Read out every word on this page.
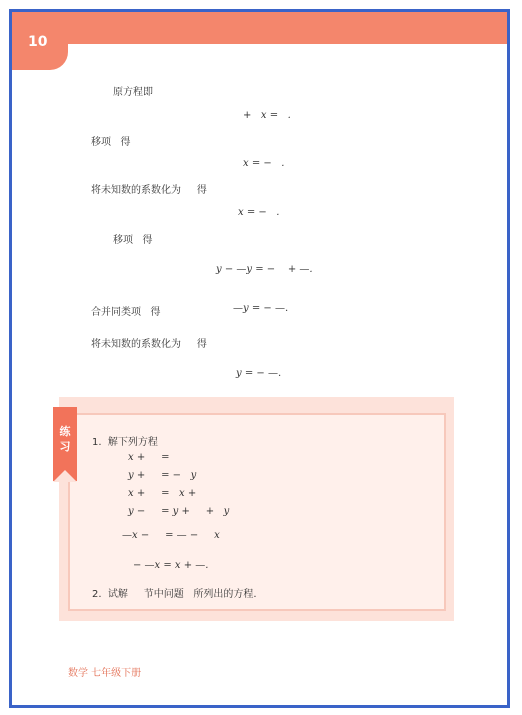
10
原方程即
+   x =   .
移项   得
x = −   .
将未知数的系数化为     得
x = −   .
移项   得
y − —y = −    + —.
合并同类项   得	—y = − —.
将未知数的系数化为     得
y = − —.
练习 1.  解下列方程
x +     =
y +     = −   y
x +     =   x +
y −     = y +     +   y
—x −     = — −     x
− —x = x + —.
2.  试解     节中问题   所列出的方程.
数学 七年级下册
